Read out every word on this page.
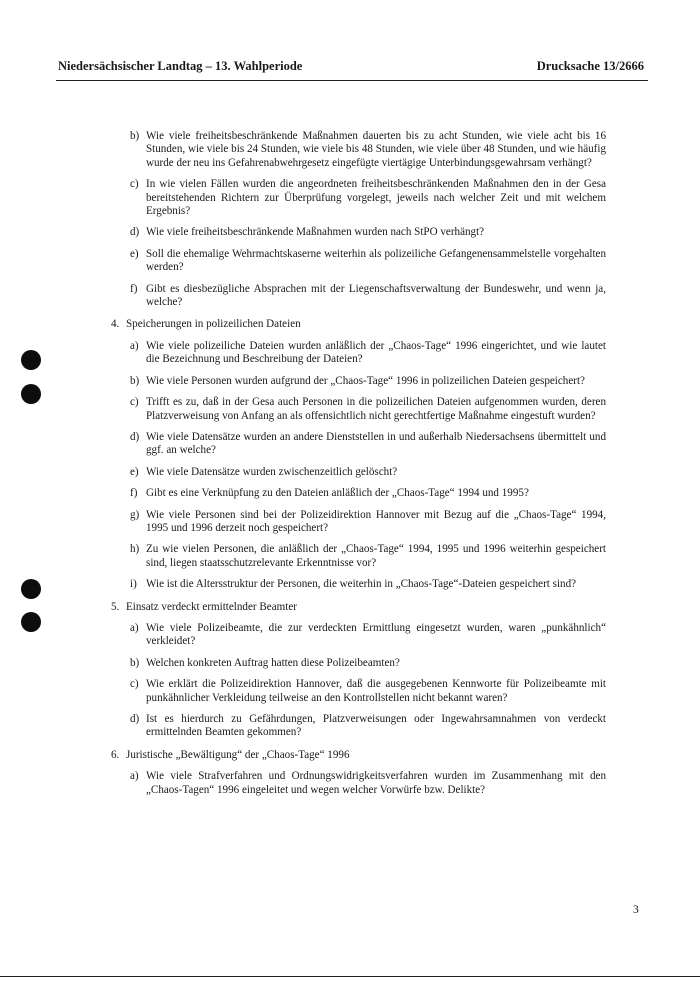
Niedersächsischer Landtag – 13. Wahlperiode	Drucksache 13/2666
b) Wie viele freiheitsbeschränkende Maßnahmen dauerten bis zu acht Stunden, wie viele acht bis 16 Stunden, wie viele bis 24 Stunden, wie viele bis 48 Stunden, wie viele über 48 Stunden, und wie häufig wurde der neu ins Gefahrenabwehrgesetz eingefügte viertägige Unterbindungsgewahrsam verhängt?
c) In wie vielen Fällen wurden die angeordneten freiheitsbeschränkenden Maßnahmen den in der Gesa bereitstehenden Richtern zur Überprüfung vorgelegt, jeweils nach welcher Zeit und mit welchem Ergebnis?
d) Wie viele freiheitsbeschränkende Maßnahmen wurden nach StPO verhängt?
e) Soll die ehemalige Wehrmachtskaserne weiterhin als polizeiliche Gefangenensammelstelle vorgehalten werden?
f) Gibt es diesbezügliche Absprachen mit der Liegenschaftsverwaltung der Bundeswehr, und wenn ja, welche?
4. Speicherungen in polizeilichen Dateien
a) Wie viele polizeiliche Dateien wurden anläßlich der „Chaos-Tage“ 1996 eingerichtet, und wie lautet die Bezeichnung und Beschreibung der Dateien?
b) Wie viele Personen wurden aufgrund der „Chaos-Tage“ 1996 in polizeilichen Dateien gespeichert?
c) Trifft es zu, daß in der Gesa auch Personen in die polizeilichen Dateien aufgenommen wurden, deren Platzverweisung von Anfang an als offensichtlich nicht gerechtfertige Maßnahme eingestuft wurden?
d) Wie viele Datensätze wurden an andere Dienststellen in und außerhalb Niedersachsens übermittelt und ggf. an welche?
e) Wie viele Datensätze wurden zwischenzeitlich gelöscht?
f) Gibt es eine Verknüpfung zu den Dateien anläßlich der „Chaos-Tage“ 1994 und 1995?
g) Wie viele Personen sind bei der Polizeidirektion Hannover mit Bezug auf die „Chaos-Tage“ 1994, 1995 und 1996 derzeit noch gespeichert?
h) Zu wie vielen Personen, die anläßlich der „Chaos-Tage“ 1994, 1995 und 1996 weiterhin gespeichert sind, liegen staatsschutzrelevante Erkenntnisse vor?
i) Wie ist die Altersstruktur der Personen, die weiterhin in „Chaos-Tage“-Dateien gespeichert sind?
5. Einsatz verdeckt ermittelnder Beamter
a) Wie viele Polizeibeamte, die zur verdeckten Ermittlung eingesetzt wurden, waren „punkähnlich“ verkleidet?
b) Welchen konkreten Auftrag hatten diese Polizeibeamten?
c) Wie erklärt die Polizeidirektion Hannover, daß die ausgegebenen Kennworte für Polizeibeamte mit punkähnlicher Verkleidung teilweise an den Kontrollstellen nicht bekannt waren?
d) Ist es hierdurch zu Gefährdungen, Platzverweisungen oder Ingewahrsamnahmen von verdeckt ermittelnden Beamten gekommen?
6. Juristische „Bewältigung“ der „Chaos-Tage“ 1996
a) Wie viele Strafverfahren und Ordnungswidrigkeitsverfahren wurden im Zusammenhang mit den „Chaos-Tagen“ 1996 eingeleitet und wegen welcher Vorwürfe bzw. Delikte?
3
